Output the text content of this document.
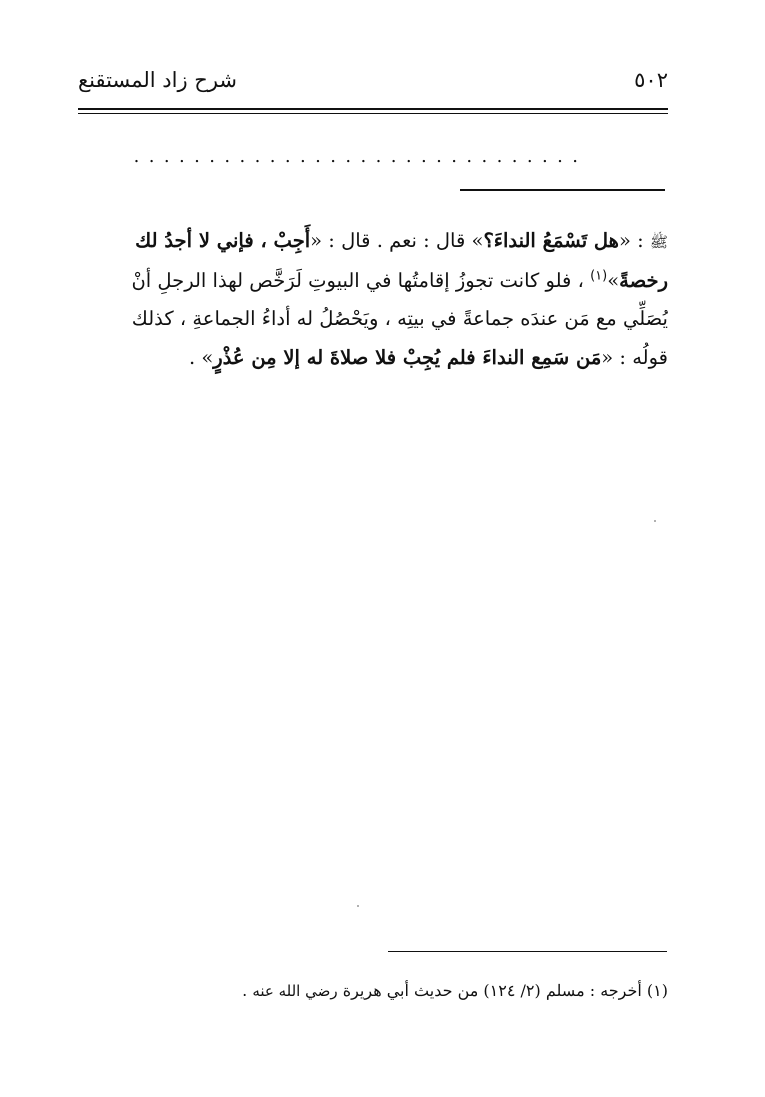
٥٠٢
شرح زاد المستقنع
..............................
ﷺ : «هل تَسْمَعُ النداءَ؟» قال : نعم . قال : «أَجِبْ ، فإني لا أجدُ لك
رخصةً»$^{(١)}$ ، فلو كانت تجوزُ إقامتُها في البيوتِ لَرَخَّص لهذا الرجلِ أنْ
يُصَلِّي مع مَن عندَه جماعةً في بيتِه ، ويَحْصُلُ له أداءُ الجماعةِ ، كذلك
قولُه : «مَن سَمِع النداءَ فلم يُجِبْ فلا صلاةَ له إلا مِن عُذْرٍ» .
(١) أخرجه : مسلم (٢/ ١٢٤) من حديث أبي هريرة رضي الله عنه .
